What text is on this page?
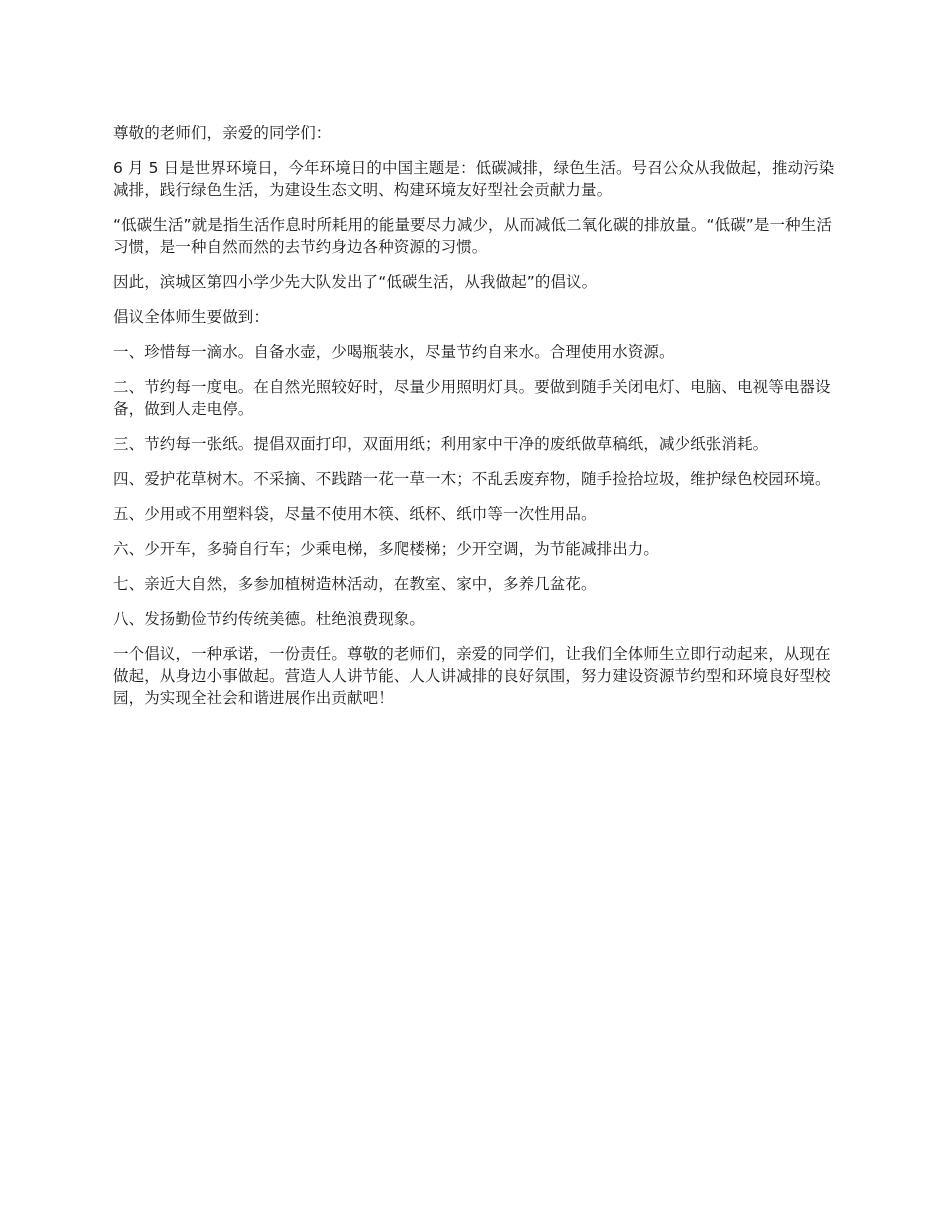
尊敬的老师们，亲爱的同学们：

6 月 5 日是世界环境日，今年环境日的中国主题是：低碳减排，绿色生活。号召公众从我做起，推动污染减排，践行绿色生活，为建设生态文明、构建环境友好型社会贡献力量。

“低碳生活”就是指生活作息时所耗用的能量要尽力减少，从而减低二氧化碳的排放量。“低碳”是一种生活习惯，是一种自然而然的去节约身边各种资源的习惯。

因此，滨城区第四小学少先大队发出了“低碳生活，从我做起”的倡议。

倡议全体师生要做到：

一、珍惜每一滴水。自备水壶，少喝瓶装水，尽量节约自来水。合理使用水资源。

二、节约每一度电。在自然光照较好时，尽量少用照明灯具。要做到随手关闭电灯、电脑、电视等电器设备，做到人走电停。

三、节约每一张纸。提倡双面打印，双面用纸；利用家中干净的废纸做草稿纸，减少纸张消耗。

四、爱护花草树木。不采摘、不践踏一花一草一木；不乱丢废弃物，随手捡拾垃圾，维护绿色校园环境。

五、少用或不用塑料袋，尽量不使用木筷、纸杯、纸巾等一次性用品。

六、少开车，多骑自行车；少乘电梯，多爬楼梯；少开空调，为节能减排出力。

七、亲近大自然，多参加植树造林活动，在教室、家中，多养几盆花。

八、发扬勤俭节约传统美德。杜绝浪费现象。

一个倡议，一种承诺，一份责任。尊敬的老师们，亲爱的同学们，让我们全体师生立即行动起来，从现在做起，从身边小事做起。营造人人讲节能、人人讲减排的良好氛围，努力建设资源节约型和环境良好型校园，为实现全社会和谐进展作出贡献吧！
